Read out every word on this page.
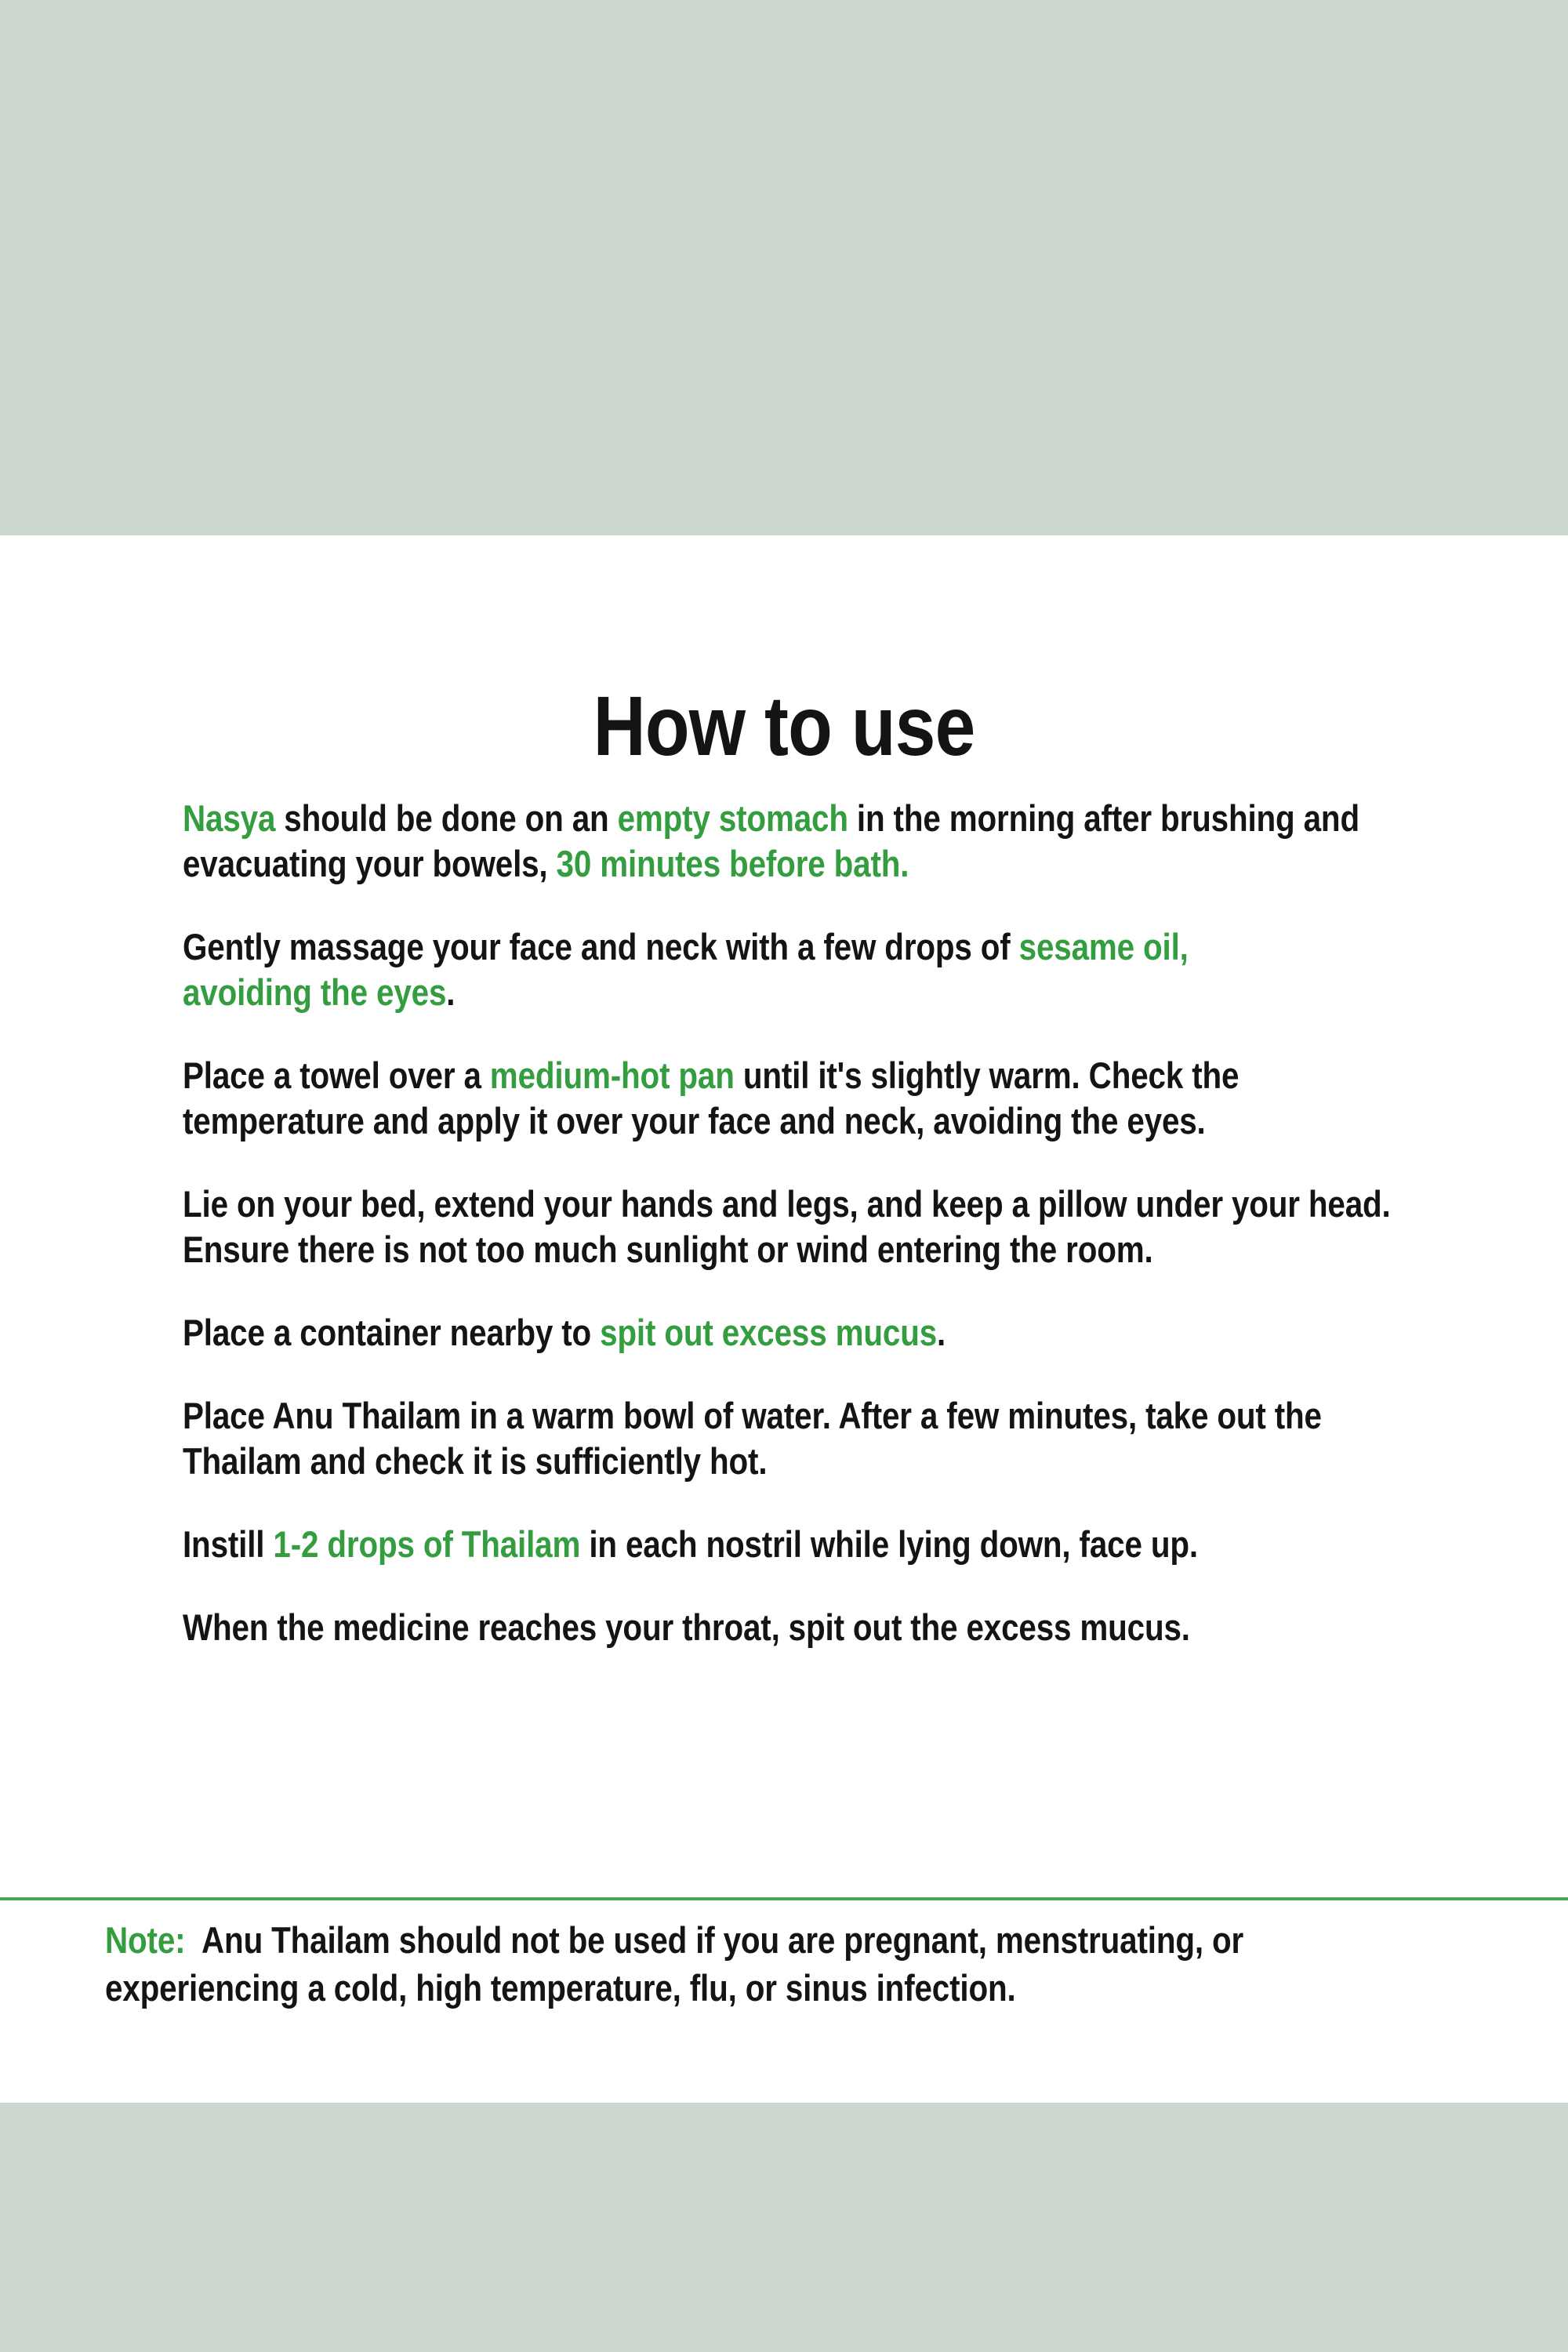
How to use

Nasya should be done on an empty stomach in the morning after brushing and
evacuating your bowels, 30 minutes before bath.

Gently massage your face and neck with a few drops of sesame oil,
avoiding the eyes.

Place a towel over a medium-hot pan until it's slightly warm. Check the
temperature and apply it over your face and neck, avoiding the eyes.

Lie on your bed, extend your hands and legs, and keep a pillow under your head.
Ensure there is not too much sunlight or wind entering the room.

Place a container nearby to spit out excess mucus.

Place Anu Thailam in a warm bowl of water. After a few minutes, take out the
Thailam and check it is sufficiently hot.

Instill 1-2 drops of Thailam in each nostril while lying down, face up.

When the medicine reaches your throat, spit out the excess mucus.

Note:  Anu Thailam should not be used if you are pregnant, menstruating, or
experiencing a cold, high temperature, flu, or sinus infection.
